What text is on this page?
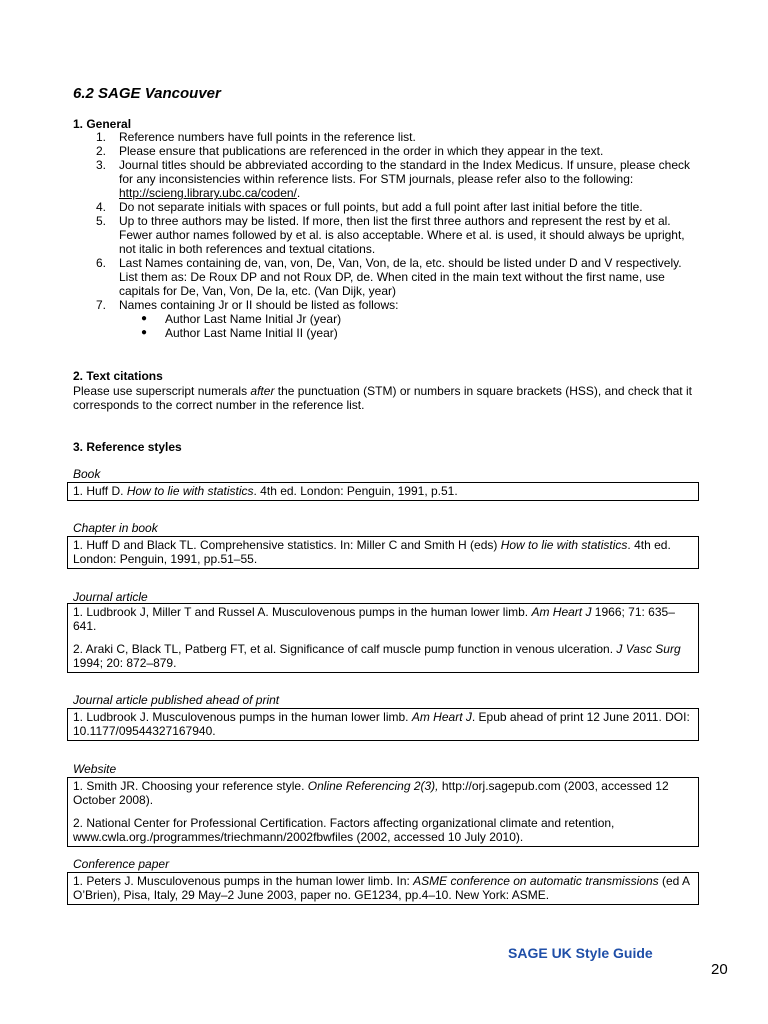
6.2 SAGE Vancouver
1. General
1. Reference numbers have full points in the reference list.
2. Please ensure that publications are referenced in the order in which they appear in the text.
3. Journal titles should be abbreviated according to the standard in the Index Medicus. If unsure, please check for any inconsistencies within reference lists. For STM journals, please refer also to the following: http://scieng.library.ubc.ca/coden/.
4. Do not separate initials with spaces or full points, but add a full point after last initial before the title.
5. Up to three authors may be listed. If more, then list the first three authors and represent the rest by et al. Fewer author names followed by et al. is also acceptable. Where et al. is used, it should always be upright, not italic in both references and textual citations.
6. Last Names containing de, van, von, De, Van, Von, de la, etc. should be listed under D and V respectively. List them as: De Roux DP and not Roux DP, de. When cited in the main text without the first name, use capitals for De, Van, Von, De la, etc. (Van Dijk, year)
7. Names containing Jr or II should be listed as follows:
● Author Last Name Initial Jr (year)
● Author Last Name Initial II (year)
2. Text citations
Please use superscript numerals after the punctuation (STM) or numbers in square brackets (HSS), and check that it corresponds to the correct number in the reference list.
3. Reference styles
Book

1. Huff D. How to lie with statistics. 4th ed. London: Penguin, 1991, p.51.

Chapter in book

1. Huff D and Black TL. Comprehensive statistics. In: Miller C and Smith H (eds) How to lie with statistics. 4th ed. London: Penguin, 1991, pp.51–55.

Journal article

1. Ludbrook J, Miller T and Russel A. Musculovenous pumps in the human lower limb. Am Heart J 1966; 71: 635–641.

2. Araki C, Black TL, Patberg FT, et al. Significance of calf muscle pump function in venous ulceration. J Vasc Surg 1994; 20: 872–879.

Journal article published ahead of print

1. Ludbrook J. Musculovenous pumps in the human lower limb. Am Heart J. Epub ahead of print 12 June 2011. DOI: 10.1177/09544327167940.

Website

1. Smith JR. Choosing your reference style. Online Referencing 2(3), http://orj.sagepub.com (2003, accessed 12 October 2008).

2. National Center for Professional Certification. Factors affecting organizational climate and retention, www.cwla.org./programmes/triechmann/2002fbwfiles (2002, accessed 10 July 2010).

Conference paper

1. Peters J. Musculovenous pumps in the human lower limb. In: ASME conference on automatic transmissions (ed A O’Brien), Pisa, Italy, 29 May–2 June 2003, paper no. GE1234, pp.4–10. New York: ASME.

SAGE UK Style Guide
20
